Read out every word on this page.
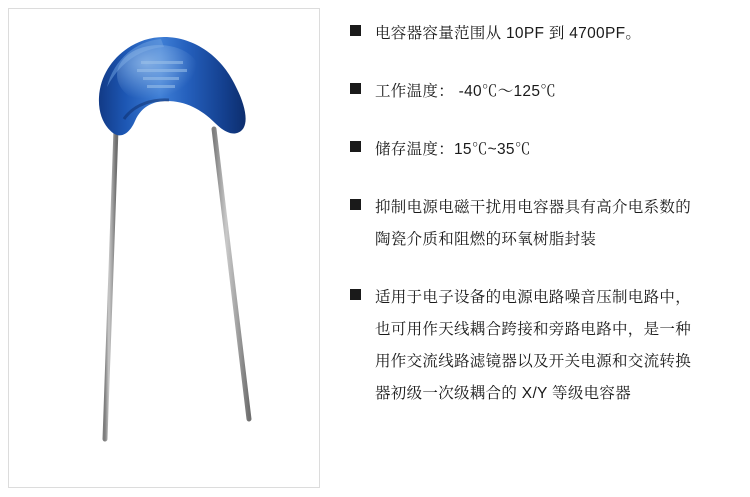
电容器容量范围从 10PF 到 4700PF。
工作温度： -40℃～125℃
储存温度：15℃~35℃
抑制电源电磁干扰用电容器具有高介电系数的
陶瓷介质和阻燃的环氧树脂封装
适用于电子设备的电源电路噪音压制电路中，
也可用作天线耦合跨接和旁路电路中，是一种
用作交流线路滤镜器以及开关电源和交流转换
器初级一次级耦合的 X/Y 等级电容器
